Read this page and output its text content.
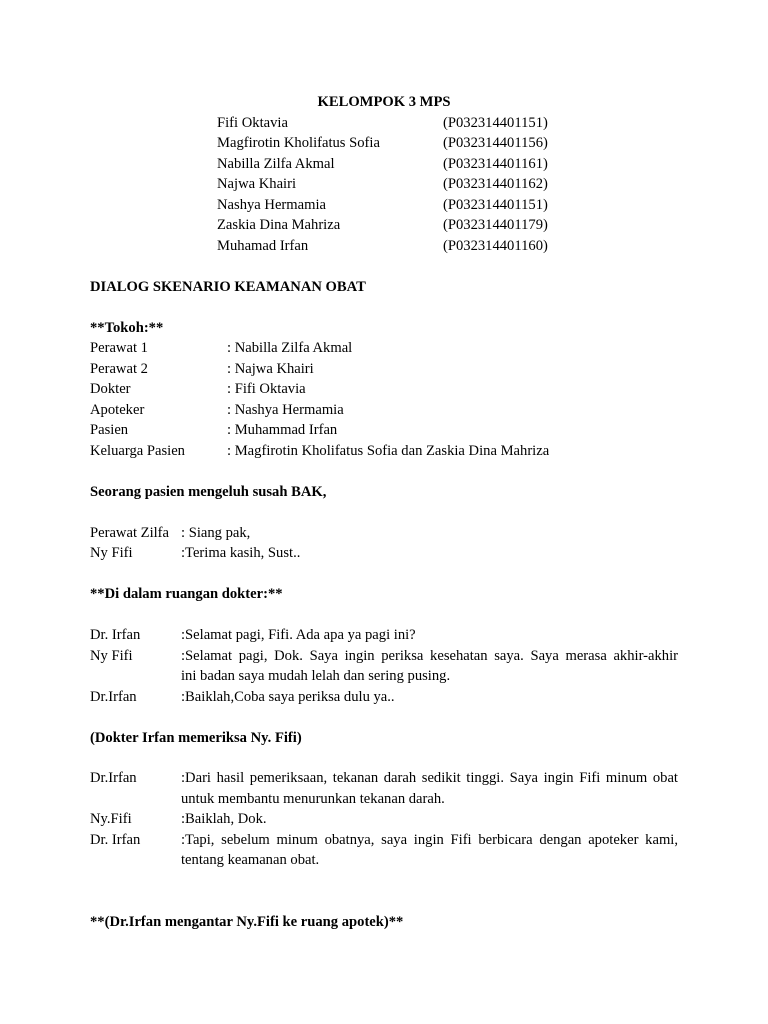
KELOMPOK 3 MPS
Fifi Oktavia	(P032314401151)
Magfirotin Kholifatus Sofia	(P032314401156)
Nabilla Zilfa Akmal	(P032314401161)
Najwa Khairi	(P032314401162)
Nashya Hermamia	(P032314401151)
Zaskia Dina Mahriza	(P032314401179)
Muhamad Irfan	(P032314401160)
DIALOG SKENARIO KEAMANAN OBAT
**Tokoh:**
Perawat 1	: Nabilla Zilfa Akmal
Perawat 2	: Najwa Khairi
Dokter	: Fifi Oktavia
Apoteker	: Nashya Hermamia
Pasien	: Muhammad Irfan
Keluarga Pasien	: Magfirotin Kholifatus Sofia dan Zaskia Dina Mahriza
Seorang pasien mengeluh susah BAK,
Perawat Zilfa : Siang pak,
Ny Fifi	:Terima kasih, Sust..
**Di dalam ruangan dokter:**
Dr. Irfan	:Selamat pagi, Fifi. Ada apa ya pagi ini?
Ny Fifi	:Selamat pagi, Dok. Saya ingin periksa kesehatan saya. Saya merasa akhir-akhir
ini badan saya mudah lelah dan sering pusing.
Dr.Irfan	:Baiklah,Coba saya periksa dulu ya..
(Dokter Irfan memeriksa Ny. Fifi)
Dr.Irfan	:Dari hasil pemeriksaan, tekanan darah sedikit tinggi. Saya ingin Fifi minum obat
untuk membantu menurunkan tekanan darah.
Ny.Fifi	:Baiklah, Dok.
Dr. Irfan	:Tapi, sebelum minum obatnya, saya ingin Fifi berbicara dengan apoteker kami,
tentang keamanan obat.
**(Dr.Irfan mengantar Ny.Fifi ke ruang apotek)**
